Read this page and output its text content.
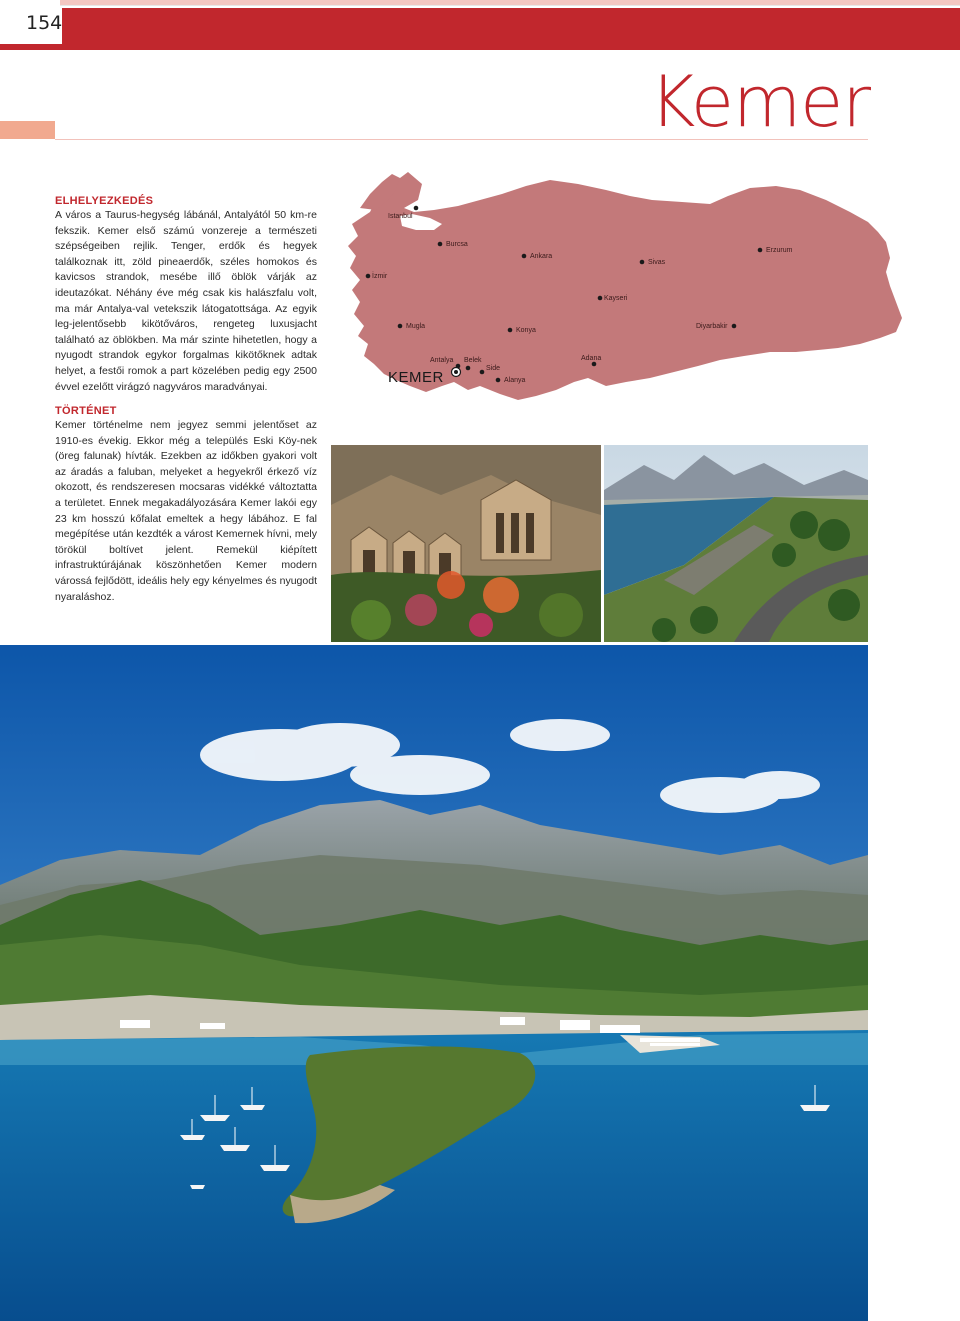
154
Kemer
ELHELYEZKEDÉS
A város a Taurus-hegység lábánál, Antalyától 50 km-re fekszik. Kemer első számú vonzereje a természeti szépségeiben rejlik. Tenger, erdők és hegyek találkoznak itt, zöld pineaerdők, széles homokos és kavicsos strandok, mesébe illő öblök várják az ideutazókat. Néhány éve még csak kis halászfalu volt, ma már Antalya-val vetekszik látogatottsága. Az egyik leg-jelentősebb kikötőváros, rengeteg luxusjacht található az öblökben. Ma már szinte hihetetlen, hogy a nyugodt strandok egykor forgalmas kikötőknek adtak helyet, a festői romok a part közelében pedig egy 2500 évvel ezelőtt virágzó nagyváros maradványai.
TÖRTÉNET
Kemer történelme nem jegyez semmi jelentőset az 1910-es évekig. Ekkor még a település Eski Köy-nek (öreg falunak) hívták. Ezekben az időkben gyakori volt az áradás a faluban, melyeket a hegyekről érkező víz okozott, és rendszeresen mocsaras vidékké változtatta a területet. Ennek megakadályozására Kemer lakói egy 23 km hosszú kőfalat emeltek a hegy lábához. E fal megépítése után kezdték a várost Kemernek hívni, mely törökül boltívet jelent. Remekül kiépített infrastruktúrájának köszönhetően Kemer modern várossá fejlődött, ideális hely egy kényelmes és nyugodt nyaraláshoz.
Istanbul
İzmir
Burcsa
Ankara
Sivas
Erzurum
Kayseri
Mugla
Konya
Diyarbakir
Adana
Antalya Belek
Side
Alanya
KEMER
